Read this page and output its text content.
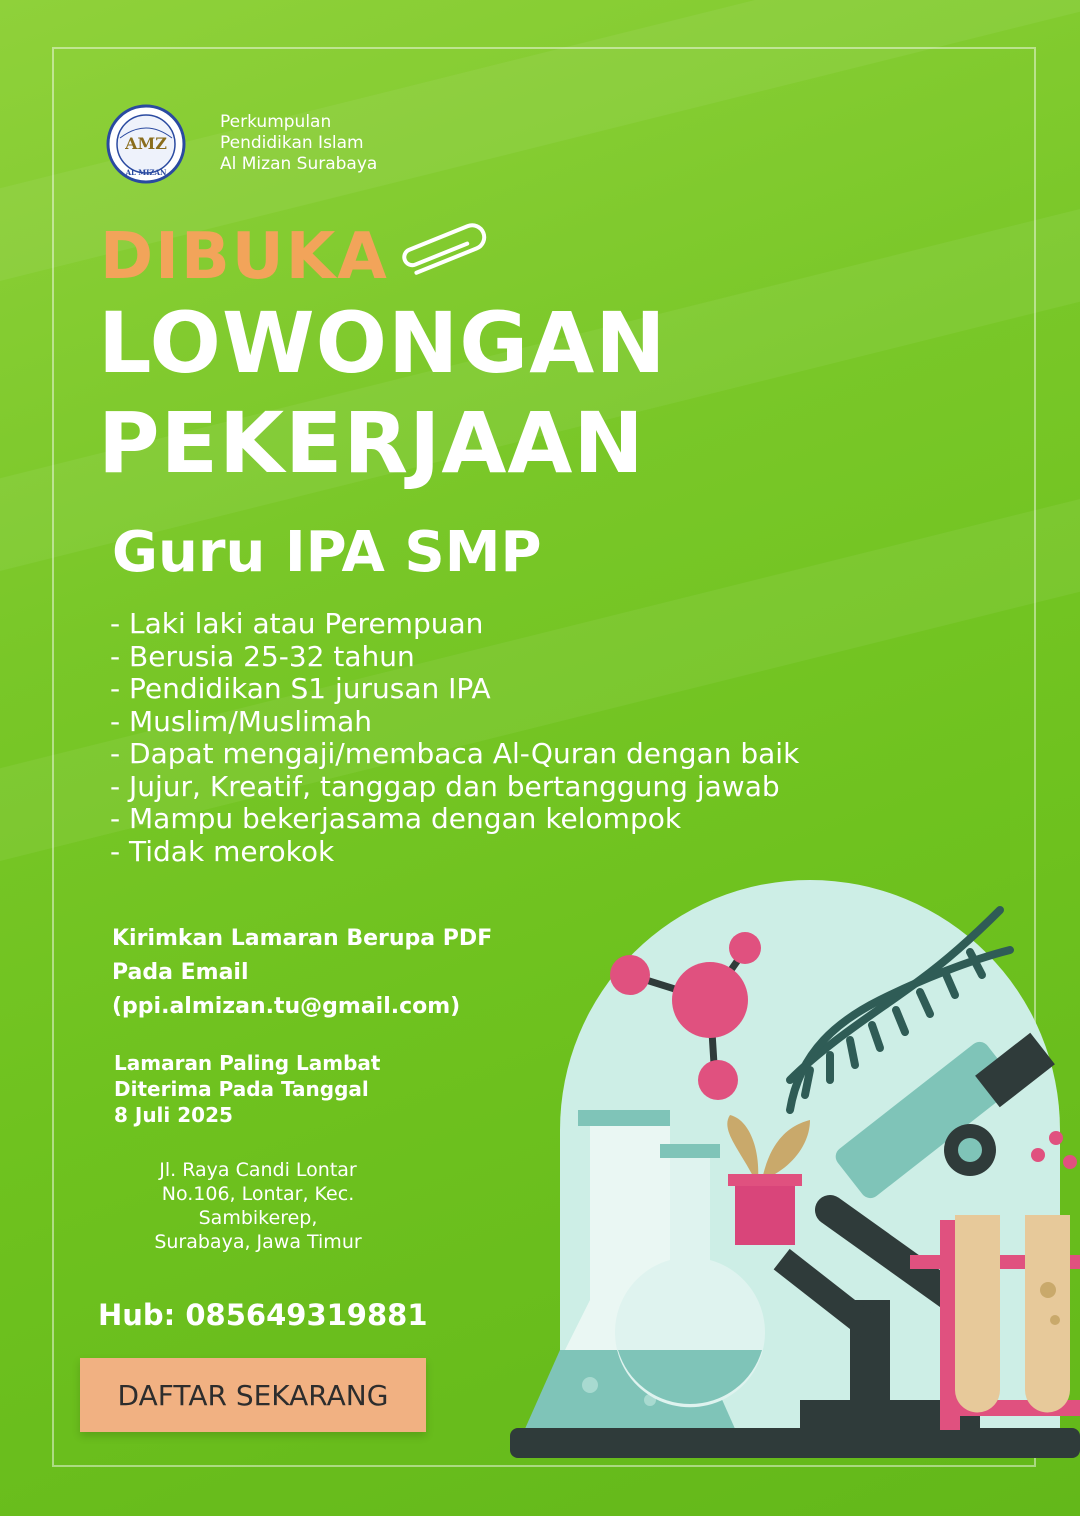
AMZ
AL MIZAN
Perkumpulan
Pendidikan Islam
Al Mizan Surabaya
DIBUKA
LOWONGAN
PEKERJAAN
Guru IPA SMP
- Laki laki atau Perempuan
- Berusia 25-32 tahun
- Pendidikan S1 jurusan IPA
- Muslim/Muslimah
- Dapat mengaji/membaca Al-Quran dengan baik
- Jujur, Kreatif, tanggap dan bertanggung jawab
- Mampu bekerjasama dengan kelompok
- Tidak merokok
Kirimkan Lamaran Berupa PDF
Pada Email
(ppi.almizan.tu@gmail.com)
Lamaran Paling Lambat
Diterima Pada Tanggal
8 Juli 2025
Jl. Raya Candi Lontar
No.106, Lontar, Kec.
Sambikerep,
Surabaya, Jawa Timur
Hub: 085649319881
DAFTAR SEKARANG
